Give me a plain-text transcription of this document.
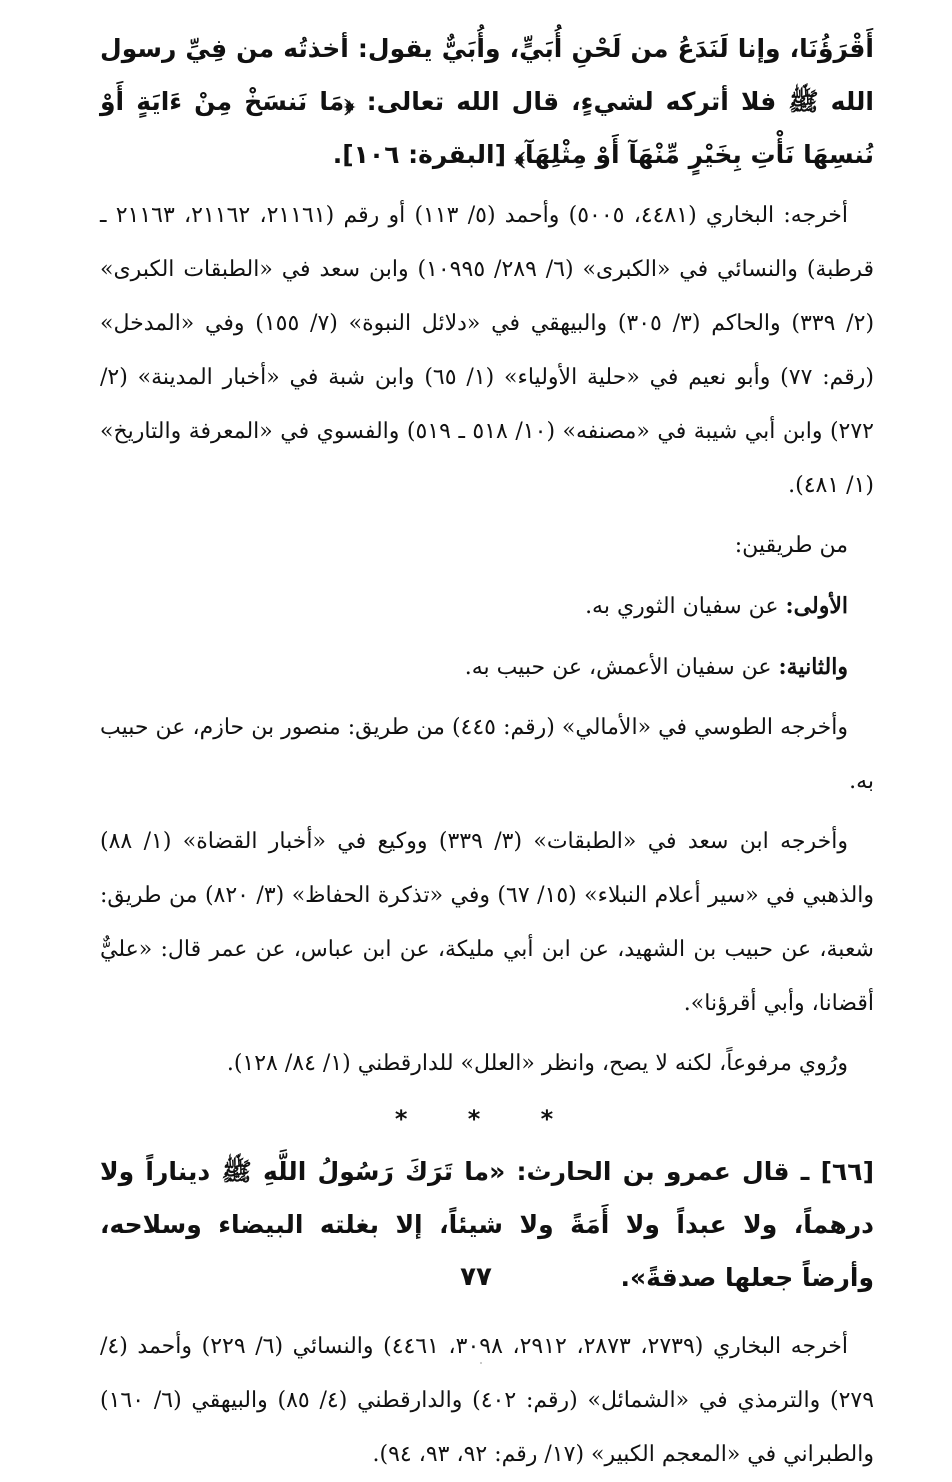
أَقْرَؤُنَا، وإنا لَنَدَعُ من لَحْنِ أُبَيٍّ، وأُبَيٌّ يقول: أخذتُه من فِيِّ رسول الله ﷺ فلا أتركه لشيءٍ، قال الله تعالى: ﴿مَا نَنسَخْ مِنْ ءَايَةٍ أَوْ نُنسِهَا نَأْتِ بِخَيْرٍ مِّنْهَآ أَوْ مِثْلِهَآ﴾ [البقرة: ١٠٦].

أخرجه: البخاري (٤٤٨١، ٥٠٠٥) وأحمد (٥/ ١١٣) أو رقم (٢١١٦١، ٢١١٦٢، ٢١١٦٣ ـ قرطبة) والنسائي في «الكبرى» (٦/ ٢٨٩/ ١٠٩٩٥) وابن سعد في «الطبقات الكبرى» (٢/ ٣٣٩) والحاكم (٣/ ٣٠٥) والبيهقي في «دلائل النبوة» (٧/ ١٥٥) وفي «المدخل» (رقم: ٧٧) وأبو نعيم في «حلية الأولياء» (١/ ٦٥) وابن شبة في «أخبار المدينة» (٢/ ٢٧٢) وابن أبي شيبة في «مصنفه» (١٠/ ٥١٨ ـ ٥١٩) والفسوي في «المعرفة والتاريخ» (١/ ٤٨١).

من طريقين:

الأولى: عن سفيان الثوري به.

والثانية: عن سفيان الأعمش، عن حبيب به.

وأخرجه الطوسي في «الأمالي» (رقم: ٤٤٥) من طريق: منصور بن حازم، عن حبيب به.

وأخرجه ابن سعد في «الطبقات» (٣/ ٣٣٩) ووكيع في «أخبار القضاة» (١/ ٨٨) والذهبي في «سير أعلام النبلاء» (١٥/ ٦٧) وفي «تذكرة الحفاظ» (٣/ ٨٢٠) من طريق: شعبة، عن حبيب بن الشهيد، عن ابن أبي مليكة، عن ابن عباس، عن عمر قال: «عليٌّ أقضانا، وأبي أقرؤنا».

ورُوي مرفوعاً، لكنه لا يصح، وانظر «العلل» للدارقطني (١/ ٨٤/ ١٢٨).

* * *

[٦٦] ـ قال عمرو بن الحارث: «ما تَرَكَ رَسُولُ اللَّهِ ﷺ ديناراً ولا درهماً، ولا عبداً ولا أَمَةً ولا شيئاً، إلا بغلته البيضاء وسلاحه، وأرضاً جعلها صدقةً».

أخرجه البخاري (٢٧٣٩، ٢٨٧٣، ٢٩١٢، ٣٠٩٨، ٤٤٦١) والنسائي (٦/ ٢٢٩) وأحمد (٤/ ٢٧٩) والترمذي في «الشمائل» (رقم: ٤٠٢) والدارقطني (٤/ ٨٥) والبيهقي (٦/ ١٦٠) والطبراني في «المعجم الكبير» (١٧/ رقم: ٩٢، ٩٣، ٩٤).

٧٧
